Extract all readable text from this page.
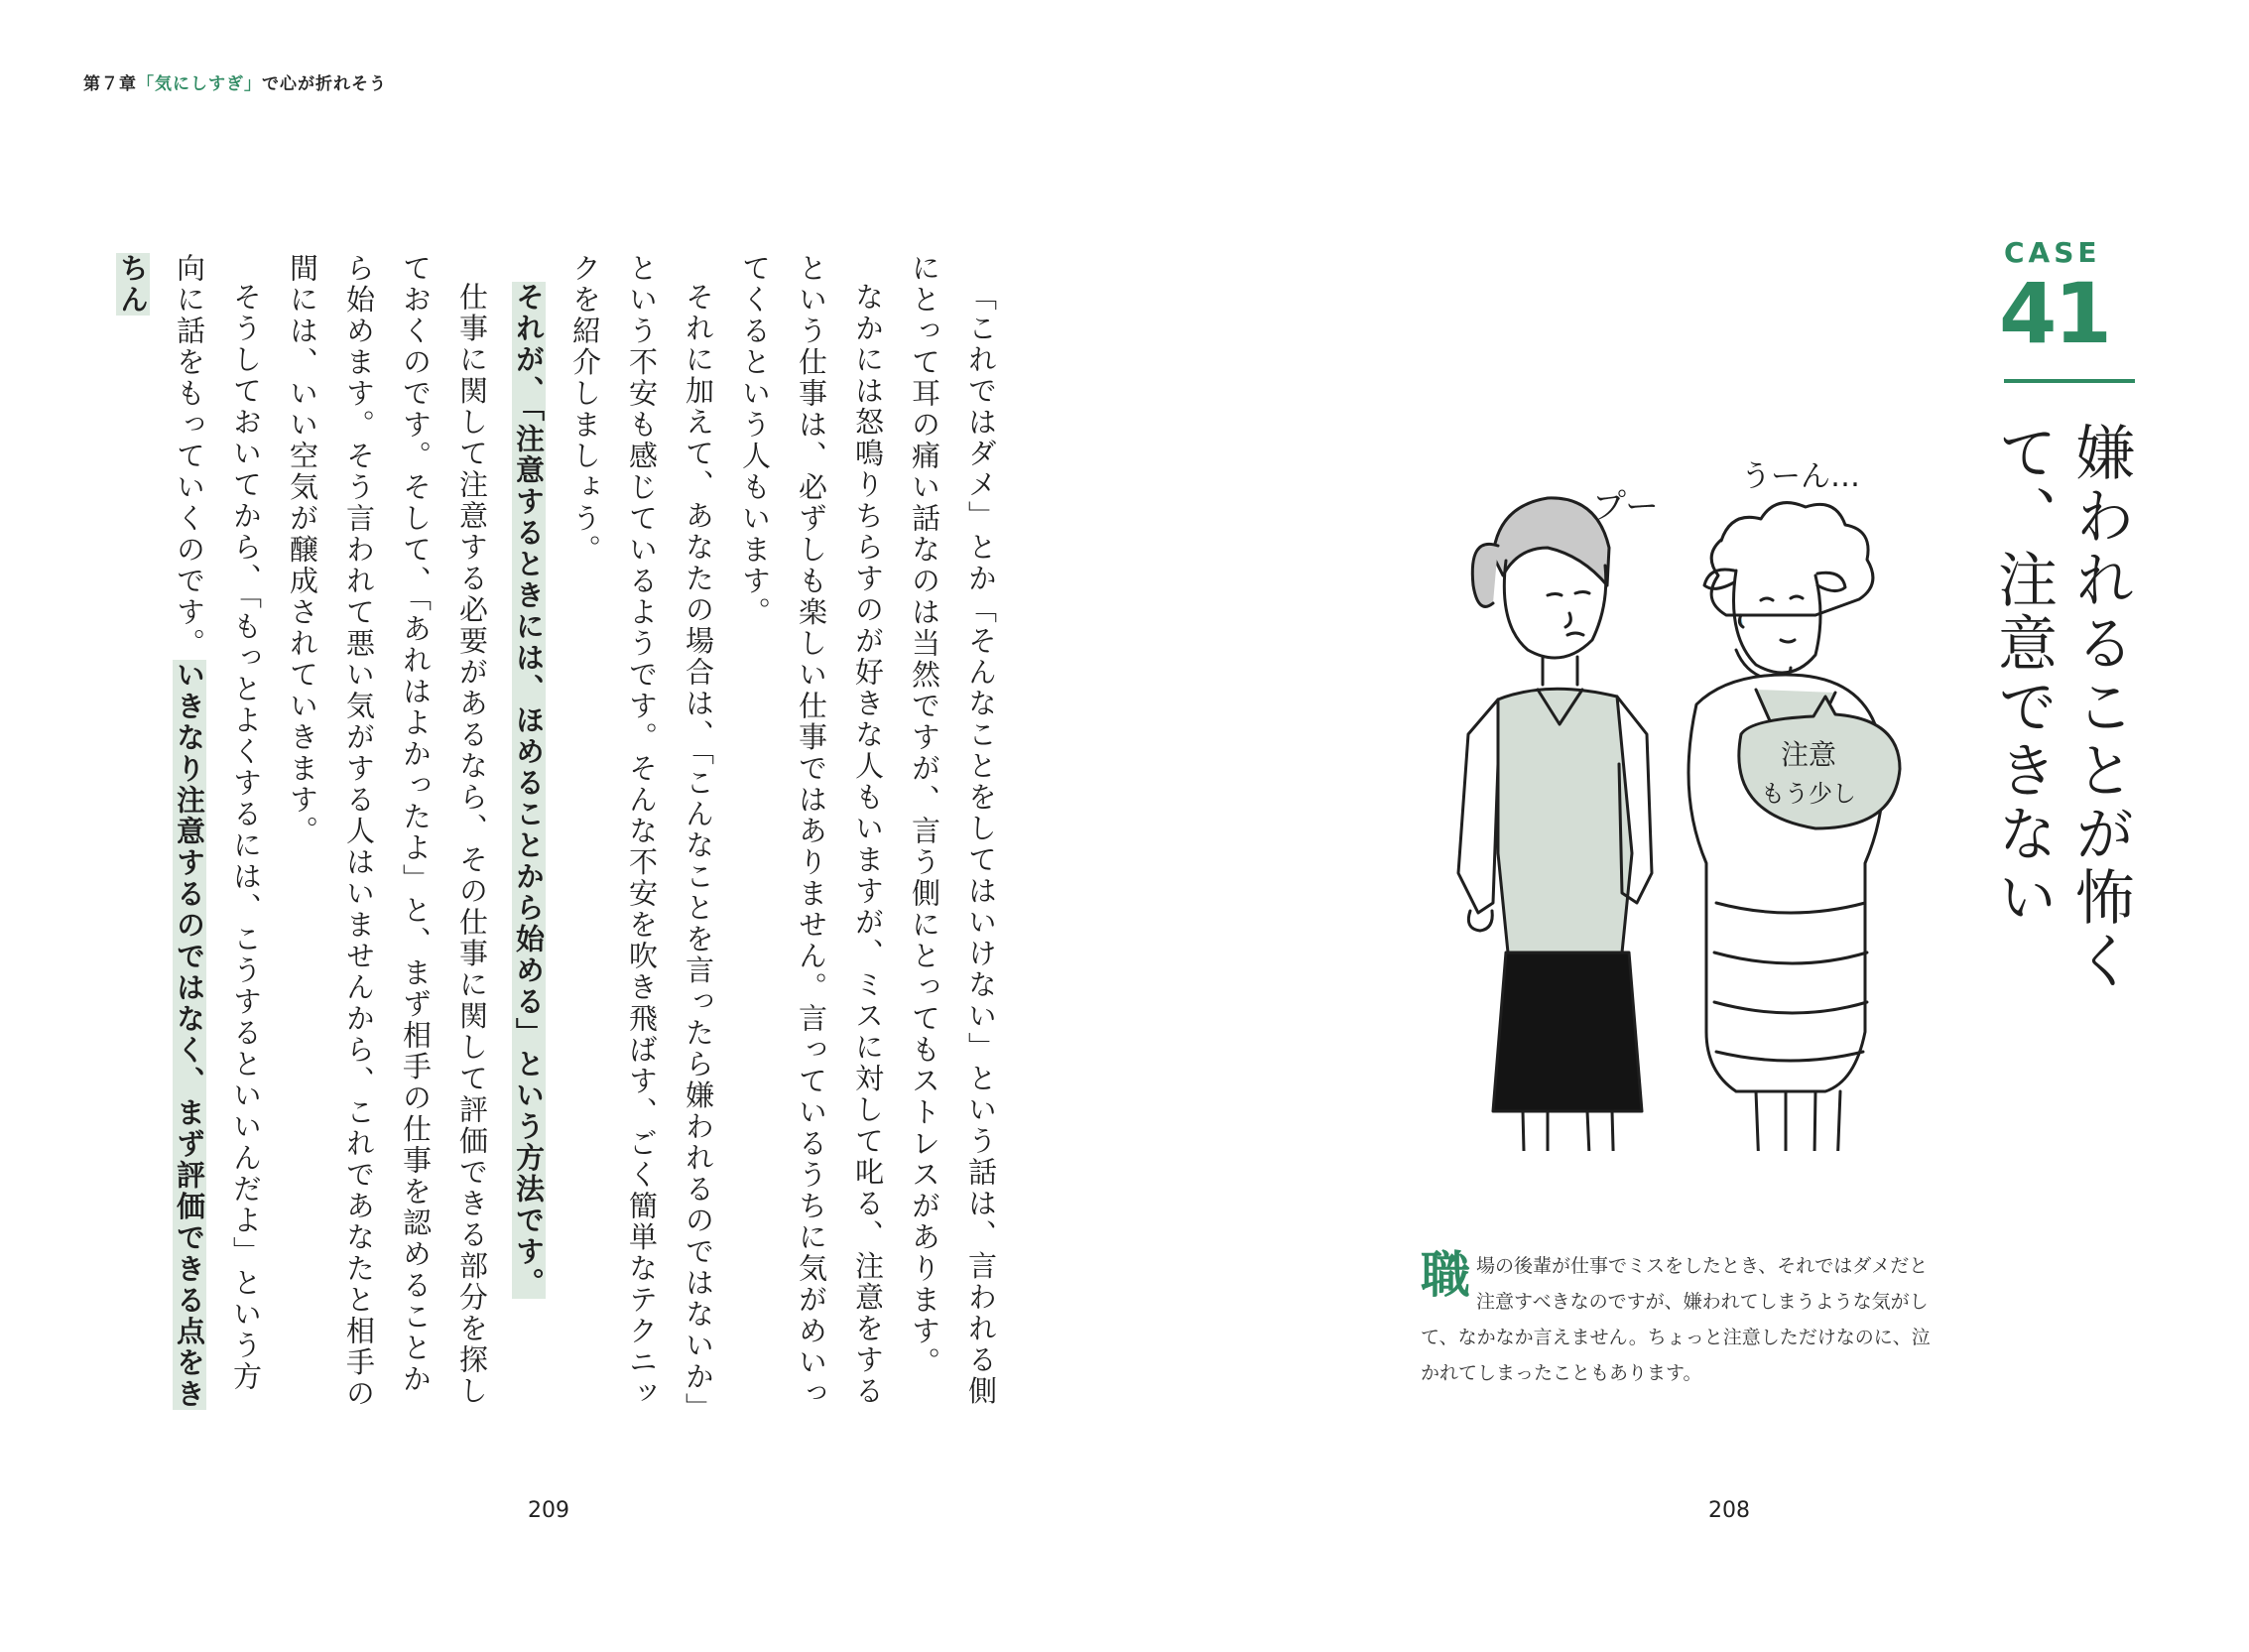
第７章「気にしすぎ」で心が折れそう

「これではダメ」とか「そんなことをしてはいけない」という話は、言われる側にとって耳の痛い話なのは当然ですが、言う側にとってもストレスがあります。

なかには怒鳴りちらすのが好きな人もいますが、ミスに対して叱る、注意をするという仕事は、必ずしも楽しい仕事ではありません。言っているうちに気がめいってくるという人もいます。

それに加えて、あなたの場合は、「こんなことを言ったら嫌われるのではないか」という不安も感じているようです。そんな不安を吹き飛ばす、ごく簡単なテクニックを紹介しましょう。

それが、「注意するときには、ほめることから始める」という方法です。

仕事に関して注意する必要があるなら、その仕事に関して評価できる部分を探しておくのです。そして、「あれはよかったよ」と、まず相手の仕事を認めることから始めます。そう言われて悪い気がする人はいませんから、これであなたと相手の間には、いい空気が醸成されていきます。

そうしておいてから、「もっとよくするには、こうするといいんだよ」という方向に話をもっていくのです。いきなり注意するのではなく、まず評価できる点をきちん

209	208
CASE
41
嫌われることが怖くて、注意できない
プー
うーん…
注意
もう少し
職 場の後輩が仕事でミスをしたとき、それではダメだと注意すべきなのですが、嫌われてしまうような気がして、なかなか言えません。ちょっと注意しただけなのに、泣かれてしまったこともあります。
